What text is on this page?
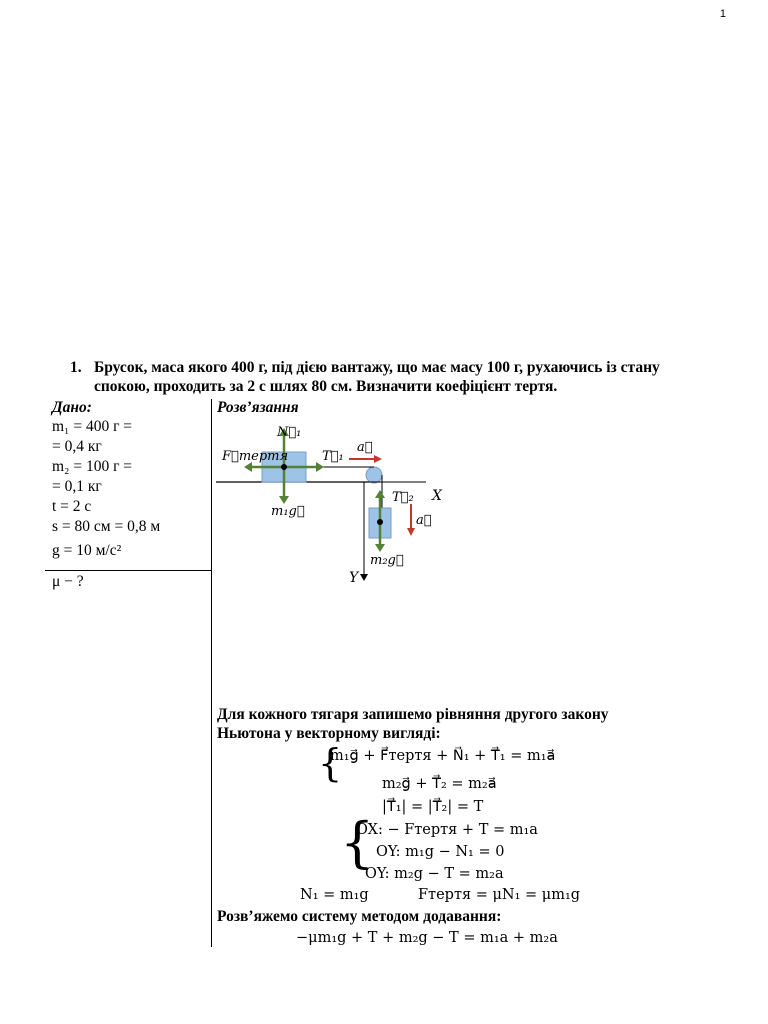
1
1. Брусок, маса якого 400 г, під дією вантажу, що має масу 100 г, рухаючись із стану
спокою, проходить за 2 с шлях 80 см. Визначити коефіцієнт тертя.
Дано:
m₁ = 400 г =
= 0,4 кг
m₂ = 100 г =
= 0,1 кг
t = 2 с
s = 80 см = 0,8 м
g = 10 м/с²
μ − ?
Розв’язання
X
Y
F⃗тертя
N⃗₁
T⃗₁
a⃗
m₁g⃗
T⃗₂
a⃗
m₂g⃗
Для кожного тягаря запишемо рівняння другого закону
Ньютона у векторному вигляді:
{
m₁g⃗ + F⃗тертя + N⃗₁ + T⃗₁ = m₁a⃗
m₂g⃗ + T⃗₂ = m₂a⃗
|T⃗₁| = |T⃗₂| = T
{
OX: − Fтертя + T = m₁a
OY: m₁g − N₁ = 0
OY: m₂g − T = m₂a
N₁ = m₁g	Fтертя = μN₁ = μm₁g
Розв’яжемо систему методом додавання:
−μm₁g + T + m₂g − T = m₁a + m₂a
